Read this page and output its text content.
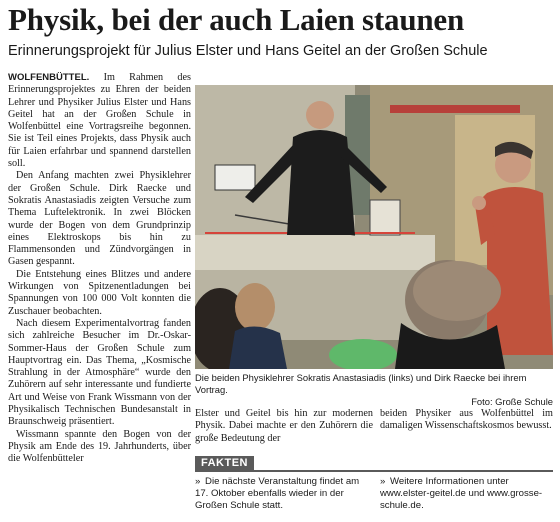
Physik, bei der auch Laien staunen
Erinnerungsprojekt für Julius Elster und Hans Geitel an der Großen Schule

WOLFENBÜTTEL. Im Rahmen des Erinnerungsprojektes zu Ehren der beiden Lehrer und Physiker Julius Elster und Hans Geitel hat an der Großen Schule in Wolfenbüttel eine Vortragsreihe begonnen. Sie ist Teil eines Projekts, dass Physik auch für Laien erfahrbar und spannend darstellen soll.

Den Anfang machten zwei Physiklehrer der Großen Schule. Dirk Raecke und Sokratis Anastasiadis zeigten Versuche zum Thema Luftelektronik. In zwei Blöcken wurde der Bogen von dem Grundprinzip eines Elektroskops bis hin zu Flammensonden und Zündvorgängen in Gasen gespannt.

Die Entstehung eines Blitzes und andere Wirkungen von Spitzenentladungen bei Spannungen von 100 000 Volt konnten die Zuschauer beobachten.

Nach diesem Experimentalvortrag fanden sich zahlreiche Besucher im Dr.-Oskar-Sommer-Haus der Großen Schule zum Hauptvortrag ein. Das Thema, „Kosmische Strahlung in der Atmosphäre“ wurde den Zuhörern auf sehr interessante und fundierte Art und Weise von Frank Wissmann von der Physikalisch Technischen Bundesanstalt in Braunschweig präsentiert.

Wissmann spannte den Bogen von der Physik am Ende des 19. Jahrhunderts, über die Wolfenbütteler

Die beiden Physiklehrer Sokratis Anastasiadis (links) und Dirk Raecke bei ihrem Vortrag.
Foto: Große Schule

Elster und Geitel bis hin zur modernen Physik. Dabei machte er den Zuhörern die große Bedeutung der

beiden Physiker aus Wolfenbüttel im damaligen Wissenschaftskosmos bewusst.

FAKTEN
» Die nächste Veranstaltung findet am 17. Oktober ebenfalls wieder in der Großen Schule statt.
» Weitere Informationen unter www.elster-geitel.de und www.grosse-schule.de.
